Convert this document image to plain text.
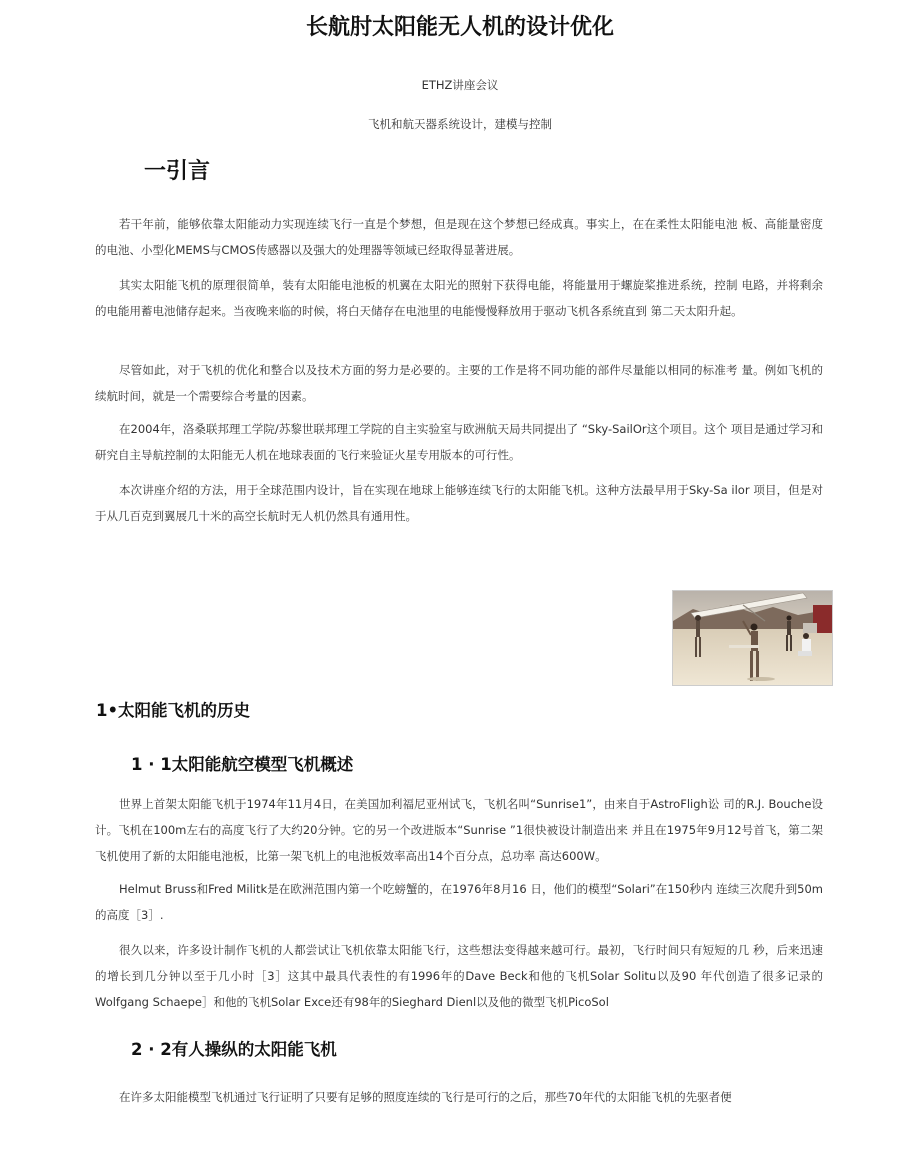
长航肘太阳能无人机的设计优化
ETHZ讲座会议
飞机和航天器系统设计，建模与控制
一引言

若干年前，能够依靠太阳能动力实现连续飞行一直是个梦想，但是现在这个梦想已经成真。事实上，在在柔性太阳能电池 板、高能量密度的电池、小型化MEMS与CMOS传感器以及强大的处理器等领域已经取得显著进展。

其实太阳能飞机的原理很简单，装有太阳能电池板的机翼在太阳光的照射下获得电能，将能量用于螺旋桨推进系统，控制 电路，并将剩余的电能用蓄电池储存起来。当夜晚来临的时候，将白天储存在电池里的电能慢慢释放用于驱动飞机各系统直到 第二天太阳升起。

尽管如此，对于飞机的优化和整合以及技术方面的努力是必要的。主要的工作是将不同功能的部件尽量能以相同的标准考 量。例如飞机的续航时间，就是一个需要综合考量的因素。

在2004年，洛桑联邦理工学院/苏黎世联邦理工学院的自主实验室与欧洲航天局共同提出了 “Sky-SailOr这个项目。这个 项目是通过学习和研究自主导航控制的太阳能无人机在地球表面的飞行来验证火星专用版本的可行性。

本次讲座介绍的方法，用于全球范围内设计，旨在实现在地球上能够连续飞行的太阳能飞机。这种方法最早用于Sky-Sa ilor 项目，但是对于从几百克到翼展几十米的高空长航时无人机仍然具有通用性。

1•太阳能飞机的历史
1 · 1太阳能航空模型飞机概述

世界上首架太阳能飞机于1974年11月4日，在美国加利福尼亚州试飞，飞机名叫“Sunrise1”，由来自于AstroFligh讼 司的R.J. Bouche设计。飞机在100m左右的高度飞行了大约20分钟。它的另一个改进版本“Sunrise ”1很快被设计制造出来 并且在1975年9月12号首飞，第二架飞机使用了新的太阳能电池板，比第一架飞机上的电池板效率高出14个百分点，总功率 高达600W。

Helmut Bruss和Fred Militk是在欧洲范围内第一个吃螃蟹的，在1976年8月16 日，他们的模型“Solari”在150秒内 连续三次爬升到50m的高度［3］.

很久以来，许多设计制作飞机的人都尝试让飞机依靠太阳能飞行，这些想法变得越来越可行。最初，飞行时间只有短短的几 秒，后来迅速的增长到几分钟以至于几小时［3］这其中最具代表性的有1996年的Dave Beck和他的飞机Solar Solitu以及90 年代创造了很多记录的Wolfgang Schaepe］和他的飞机Solar Exce还有98年的Sieghard Dienl以及他的微型飞机PicoSol

2 · 2有人操纵的太阳能飞机

在许多太阳能模型飞机通过飞行证明了只要有足够的照度连续的飞行是可行的之后，那些70年代的太阳能飞机的先驱者便
